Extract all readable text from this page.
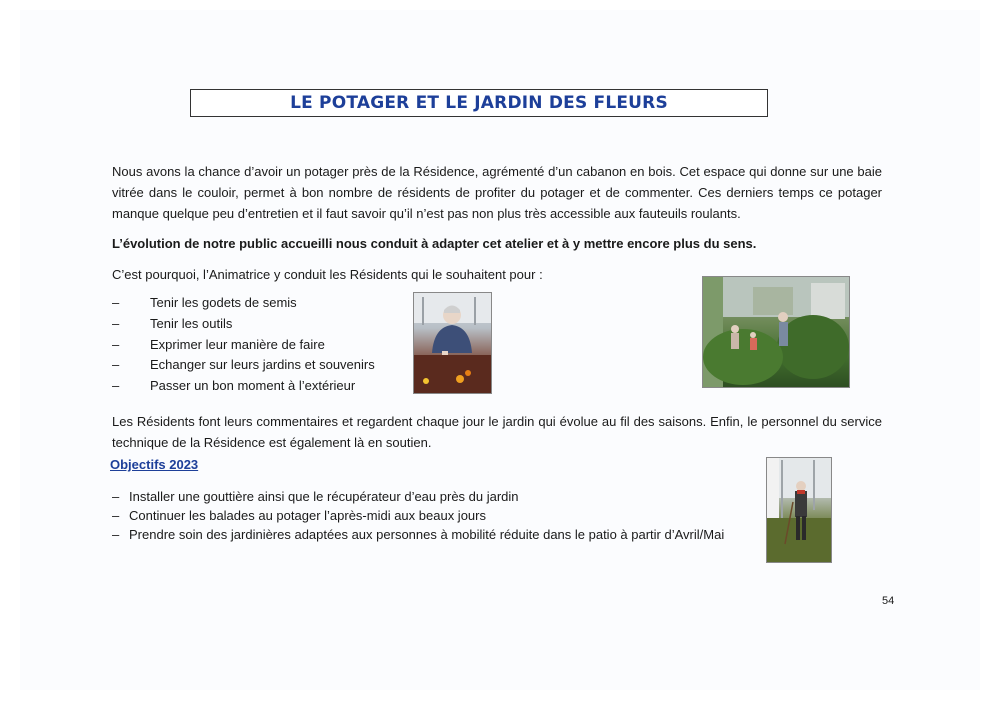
LE POTAGER ET LE JARDIN DES FLEURS
Nous avons la chance d’avoir un potager près de la Résidence, agrémenté d’un cabanon en bois. Cet espace qui donne sur une baie vitrée dans le couloir, permet à bon nombre de résidents de profiter du potager et de commenter. Ces derniers temps ce potager manque quelque peu d’entretien et il faut savoir qu’il n’est pas non plus très accessible aux fauteuils roulants.
L’évolution de notre public accueilli nous conduit à adapter cet atelier et à y mettre encore plus du sens.
C’est pourquoi, l’Animatrice y conduit les Résidents qui le souhaitent pour :
–	Tenir les godets de semis
–	Tenir les outils
–	Exprimer leur manière de faire
–	Echanger sur leurs jardins et souvenirs
–	Passer un bon moment à l’extérieur
Les Résidents font leurs commentaires et regardent chaque jour le jardin qui évolue au fil des saisons. Enfin, le personnel du service technique de la Résidence est également là en soutien.
Objectifs 2023
– Installer une gouttière ainsi que le récupérateur d’eau près du jardin
– Continuer les balades au potager l’après-midi aux beaux jours
– Prendre soin des jardinières adaptées aux personnes à mobilité réduite dans le patio à partir d’Avril/Mai
54
